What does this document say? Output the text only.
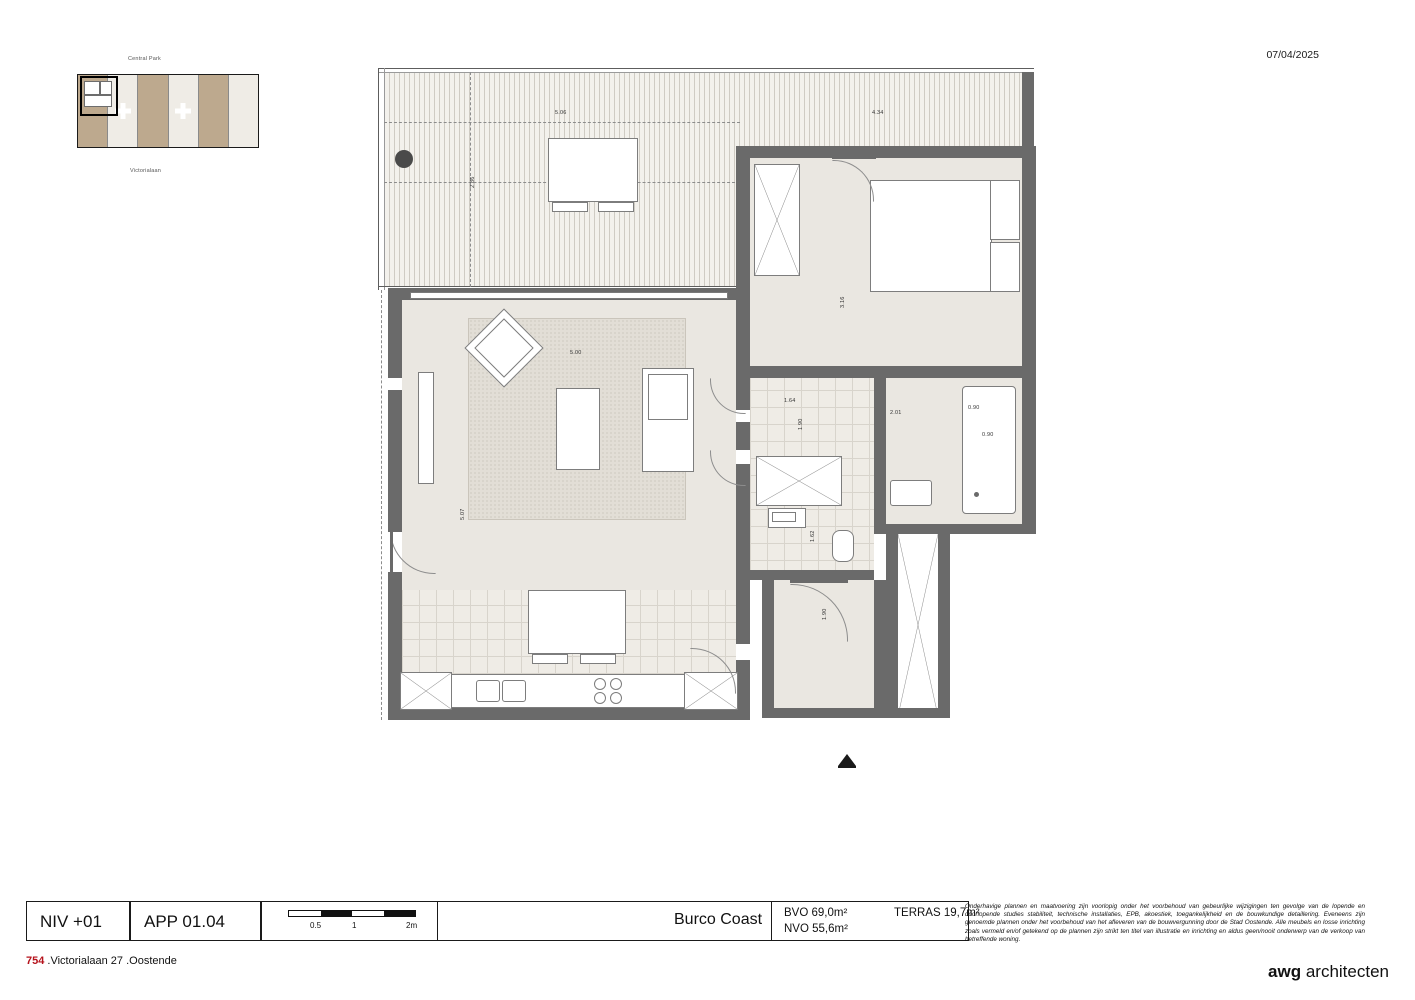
07/04/2025
Central Park
Victorialaan
5.06
2.86
4.34
5.00
5.07
3.16
2.01
0.90
0.90
1.64
1.90
1.62
1.90
NIV +01 APP 01.04	0.5	1	2m	Burco Coast BVO 69,0m²
NVO 55,6m²
TERRAS 19,7m²
Onderhavige plannen en maatvoering zijn voorlopig onder het voorbehoud van gebeurlijke wijzigingen ten gevolge van de lopende en doorlopende studies stabiliteit, technische installaties, EPB, akoestiek, toegankelijkheid en de bouwkundige detaillering. Eveneens zijn genoemde plannen onder het voorbehoud van het afleveren van de bouwvergunning door de Stad Oostende. Alle meubels en losse inrichting zoals vermeld en/of getekend op de plannen zijn strikt ten titel van illustratie en inrichting en aldus geen/nooit onderwerp van de verkoop van betreffende woning.
754 .Victorialaan 27 .Oostende
awg architecten
